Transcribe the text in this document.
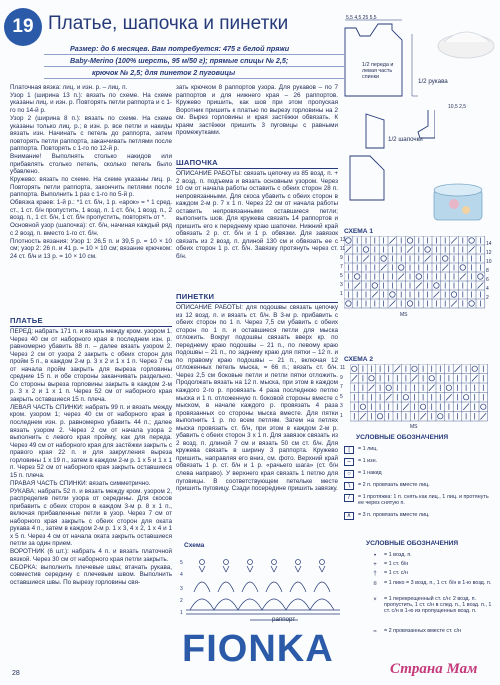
19 Платье, шапочка и пинетки
Размер: до 6 месяцев. Вам потребуется: 475 г белой пряжи
Baby-Merino (100% шерсть, 95 м/50 г); прямые спицы № 2,5;
крючок № 2,5; для пинеток 2 пуговицы

Платочная вязка: лиц. и изн. р. – лиц. п.

Узор 1 (ширина 13 п.): вязать по схеме. На схеме указаны лиц. и изн. р. Повторять петли раппорта и с 1-го по 14-й р.

Узор 2 (ширина 8 п.): вязать по схеме. На схеме указаны только лиц. р.; в изн. р. все петли и накиды вязать изн. Начинать с петель до раппорта, затем повторять петли раппорта, заканчивать петлями после раппорта. Повторять с 1-го по 12-й р.

Внимание! Выполнять столько накидов или прибавлять столько петель, сколько петель было убавлено.

Кружево: вязать по схеме. На схеме указаны лиц. р. Повторять петли раппорта, закончить петлями после раппорта. Выполнить 1 раз с 1-го по 5-й р.

Обвязка краев: 1-й р.: *1 ст. б/н, 1 р. «арок» = * 1 сред. ст., 1 ст. б/н пропустить, 1 возд. п. 1 ст. б/н, 1 возд. п., 2 возд. п., 1 ст. б/н, 1 ст. б/н пропустить, повторять от *.

Основной узор (шапочка): ст. б/н, начиная каждый ряд с 2 возд. п. вместо 1-го ст. б/н.

Плотность вязания: Узор 1: 26,5 п. и 39,5 р. = 10 × 10 см; узор 2: 26 п. и 41 р. = 10 × 10 см; вязание крючком: 24 ст. б/н и 13 р. = 10 × 10 см.

ПЛАТЬЕ

ПЕРЕД: набрать 171 п. и вязать между кром. узором 1. Через 40 см от наборного края в последнем изн. р. равномерно убавить 88 п. – далее вязать узором 2. Через 2 см от узора 2 закрыть с обеих сторон для пройм 5 п., в каждом 2-м р. 3 х 2 и 1 х 1 п. Через 7 см от начала пройм закрыть для выреза горловины средние 15 п. и обе стороны заканчивать раздельно. Со стороны выреза горловины закрыть в каждом 2-м р. 3 х 2 и 1 х 1 п. Через 52 см от наборного края закрыть оставшиеся 15 п. плеча.

ЛЕВАЯ ЧАСТЬ СПИНКИ: набрать 99 п. и вязать между кром. узором 1; через 40 см от наборного края в последнем изн. р. равномерно убавить 44 п.; далее вязать узором 2. Через 2 см от начала узора 2 выполнить с левого края пройму, как для переда. Через 49 см от наборного края для застёжки закрыть с правого края 22 п. и для закругления выреза горловины 1 х 19 п., затем в каждом 2-м р. 1 х 5 и 1 х 1 п. Через 52 см от наборного края закрыть оставшиеся 15 п. плеча.

ПРАВАЯ ЧАСТЬ СПИНКИ: вязать симметрично.

РУКАВА: набрать 52 п. и вязать между кром. узором 2, распределив петли узора от середины. Для скосов прибавить с обеих сторон в каждом 3-м р. 8 х 1 п., включая прибавленные петли в узор. Через 7 см от наборного края закрыть с обеих сторон для оката рукава 4 п., затем в каждом 2-м р. 1 х 3, 4 х 2, 1 х 4 и 1 х 5 п. Через 4 см от начала оката закрыть оставшиеся петли за один прием.

ВОРОТНИК (6 шт.): набрать 4 п. и вязать платочной вязкой. Через 30 см от наборного края петли закрыть.

СБОРКА: выполнить плечевые швы; втачать рукава, совместив середину с плечевым швом. Выполнить оставшиеся швы. По вырезу горловины свя-

зать крючком 8 раппортов узора. Для рукавов – по 7 раппортов и для нижнего края – 26 раппортов. Кружево пришить, как шов при этом пропуская Воротник пришить к платью по вырезу горловины на 2 см. Вырез горловины и края застёжки обвязать. К краям застёжки пришить 3 пуговицы с равными промежутками.
ШАПОЧКА
ОПИСАНИЕ РАБОТЫ: связать цепочку из 85 возд. п. + 2 возд. п. подъема и вязать основным узором. Через 10 см от начала работы оставить с обеих сторон 28 п. непровязанными. Для скоса убавить с обеих сторон в каждом 2-м р. 7 х 1 п. Через 22 см от начала работы оставить непровязанными оставшиеся петли; выполнить шов. Для кружева связать 14 раппортов и пришить его к переднему краю шапочки. Нижний край обвязать 2 р. ст. б/н и 1 р. обвязки. Для завязок связать из 2 возд. п. длиной 130 см и обвязать ее с обеих сторон 1 р. ст. б/н. Завязку протянуть через ст. б/н.
ПИНЕТКИ
ОПИСАНИЕ РАБОТЫ: для подошвы связать цепочку из 12 возд. п. и вязать ст. б/н. В 3-м р. прибавить с обеих сторон по 1 п. Через 7,5 см убавить с обеих сторон по 1 п. и оставшиеся петли для мыска отложить. Вокруг подошвы связать вверх кр. по переднему краю подошвы – 21 п., по левому краю подошвы – 21 п., по заднему краю для пятки – 12 п. и по правому краю подошвы – 21 п., включая 12 отложенных петель мыска, = 66 п.; вязать ст. б/н. Через 2,5 см боковые петли и петли пятки отложить. Продолжать вязать на 12 п. мыска, при этом в каждом каждого 2-го р. провязать 4 раза последнюю петлю мыска и 1 п. отложенную п. боковой стороны вместе с мыском, в начале каждого р. провязать 4 раза провязанных со стороны мыска вместе. Для пятки выполнить 1 р. по всем петлям. Затем на петлях мыска провязать ст. б/н, при этом в каждом 2-м р. убавить с обеих сторон 3 х 1 п. Для завязок связать из 2 возд. п. длиной 7 см и вязать 50 см ст. б/н. Для кружева связать в ширину 3 раппорта. Кружево пришить, направляя его вниз, см. фото. Верхний край обвязать 1 р. ст. б/н и 1 р. «рачьего шага» (ст. б/н слева направо). У верхнего края связать 1 петлю для пуговицы. В соответствующем петельке месте пришить пуговицу. Сзади посередине пришить завязку.
Схема
5
4
3
2
1
раппорт
5,5 4,5 25 5,5
1/2 переда и левая часть спинки
1/2 рукава
1/2 шапочки
10,5 2,5
СХЕМА 1
13
11
9
7
5
3
1
14
12
10
8
6
4
2
MS
СХЕМА 2
11
9
7
5
3
1
MS
УСЛОВНЫЕ ОБОЗНАЧЕНИЯ
|	= 1 лиц.
–	= 1 изн.
○	= 1 накид
∖	= 2 п. провязать вместе лиц.
/	= 1 протяжка: 1 п. снять как лиц., 1 лиц. и протянуть ее через снятую п.
∧	= 3 п. провязать вместе лиц.
УСЛОВНЫЕ ОБОЗНАЧЕНИЯ
•	= 1 возд. п.
+	= 1 ст. б/н
†	= 1 ст. с/н
¤	= 1 пико = 3 возд. п., 1 ст. б/н в 1-ю возд. п.
×	= 1 перекрещенный ст. с/н: 2 возд. п. пропустить, 1 ст. с/н в след. п., 1 возд. п., 1 ст. с/н в 1-ю из пропущенных возд. п.
≈	= 2 провязанных вместе ст. с/н
FIONKA	Страна Мам
28
